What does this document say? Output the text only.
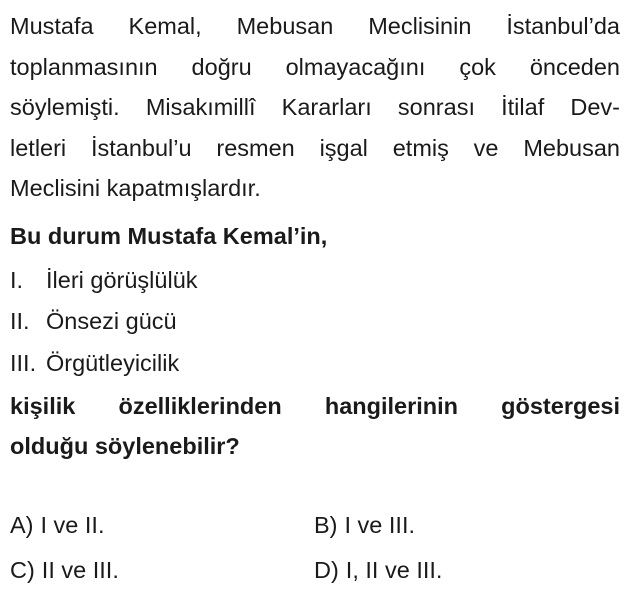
Mustafa Kemal, Mebusan Meclisinin İstanbul’da
toplanmasının doğru olmayacağını çok önceden
söylemişti. Misakımillî Kararları sonrası İtilaf Dev-
letleri İstanbul’u resmen işgal etmiş ve Mebusan
Meclisini kapatmışlardır.

Bu durum Mustafa Kemal’in,

I. İleri görüşlülük
II. Önsezi gücü
III. Örgütleyicilik

kişilik özelliklerinden hangilerinin göstergesi
olduğu söylenebilir?

A) I ve II.	B) I ve III.
C) II ve III.	D) I, II ve III.
